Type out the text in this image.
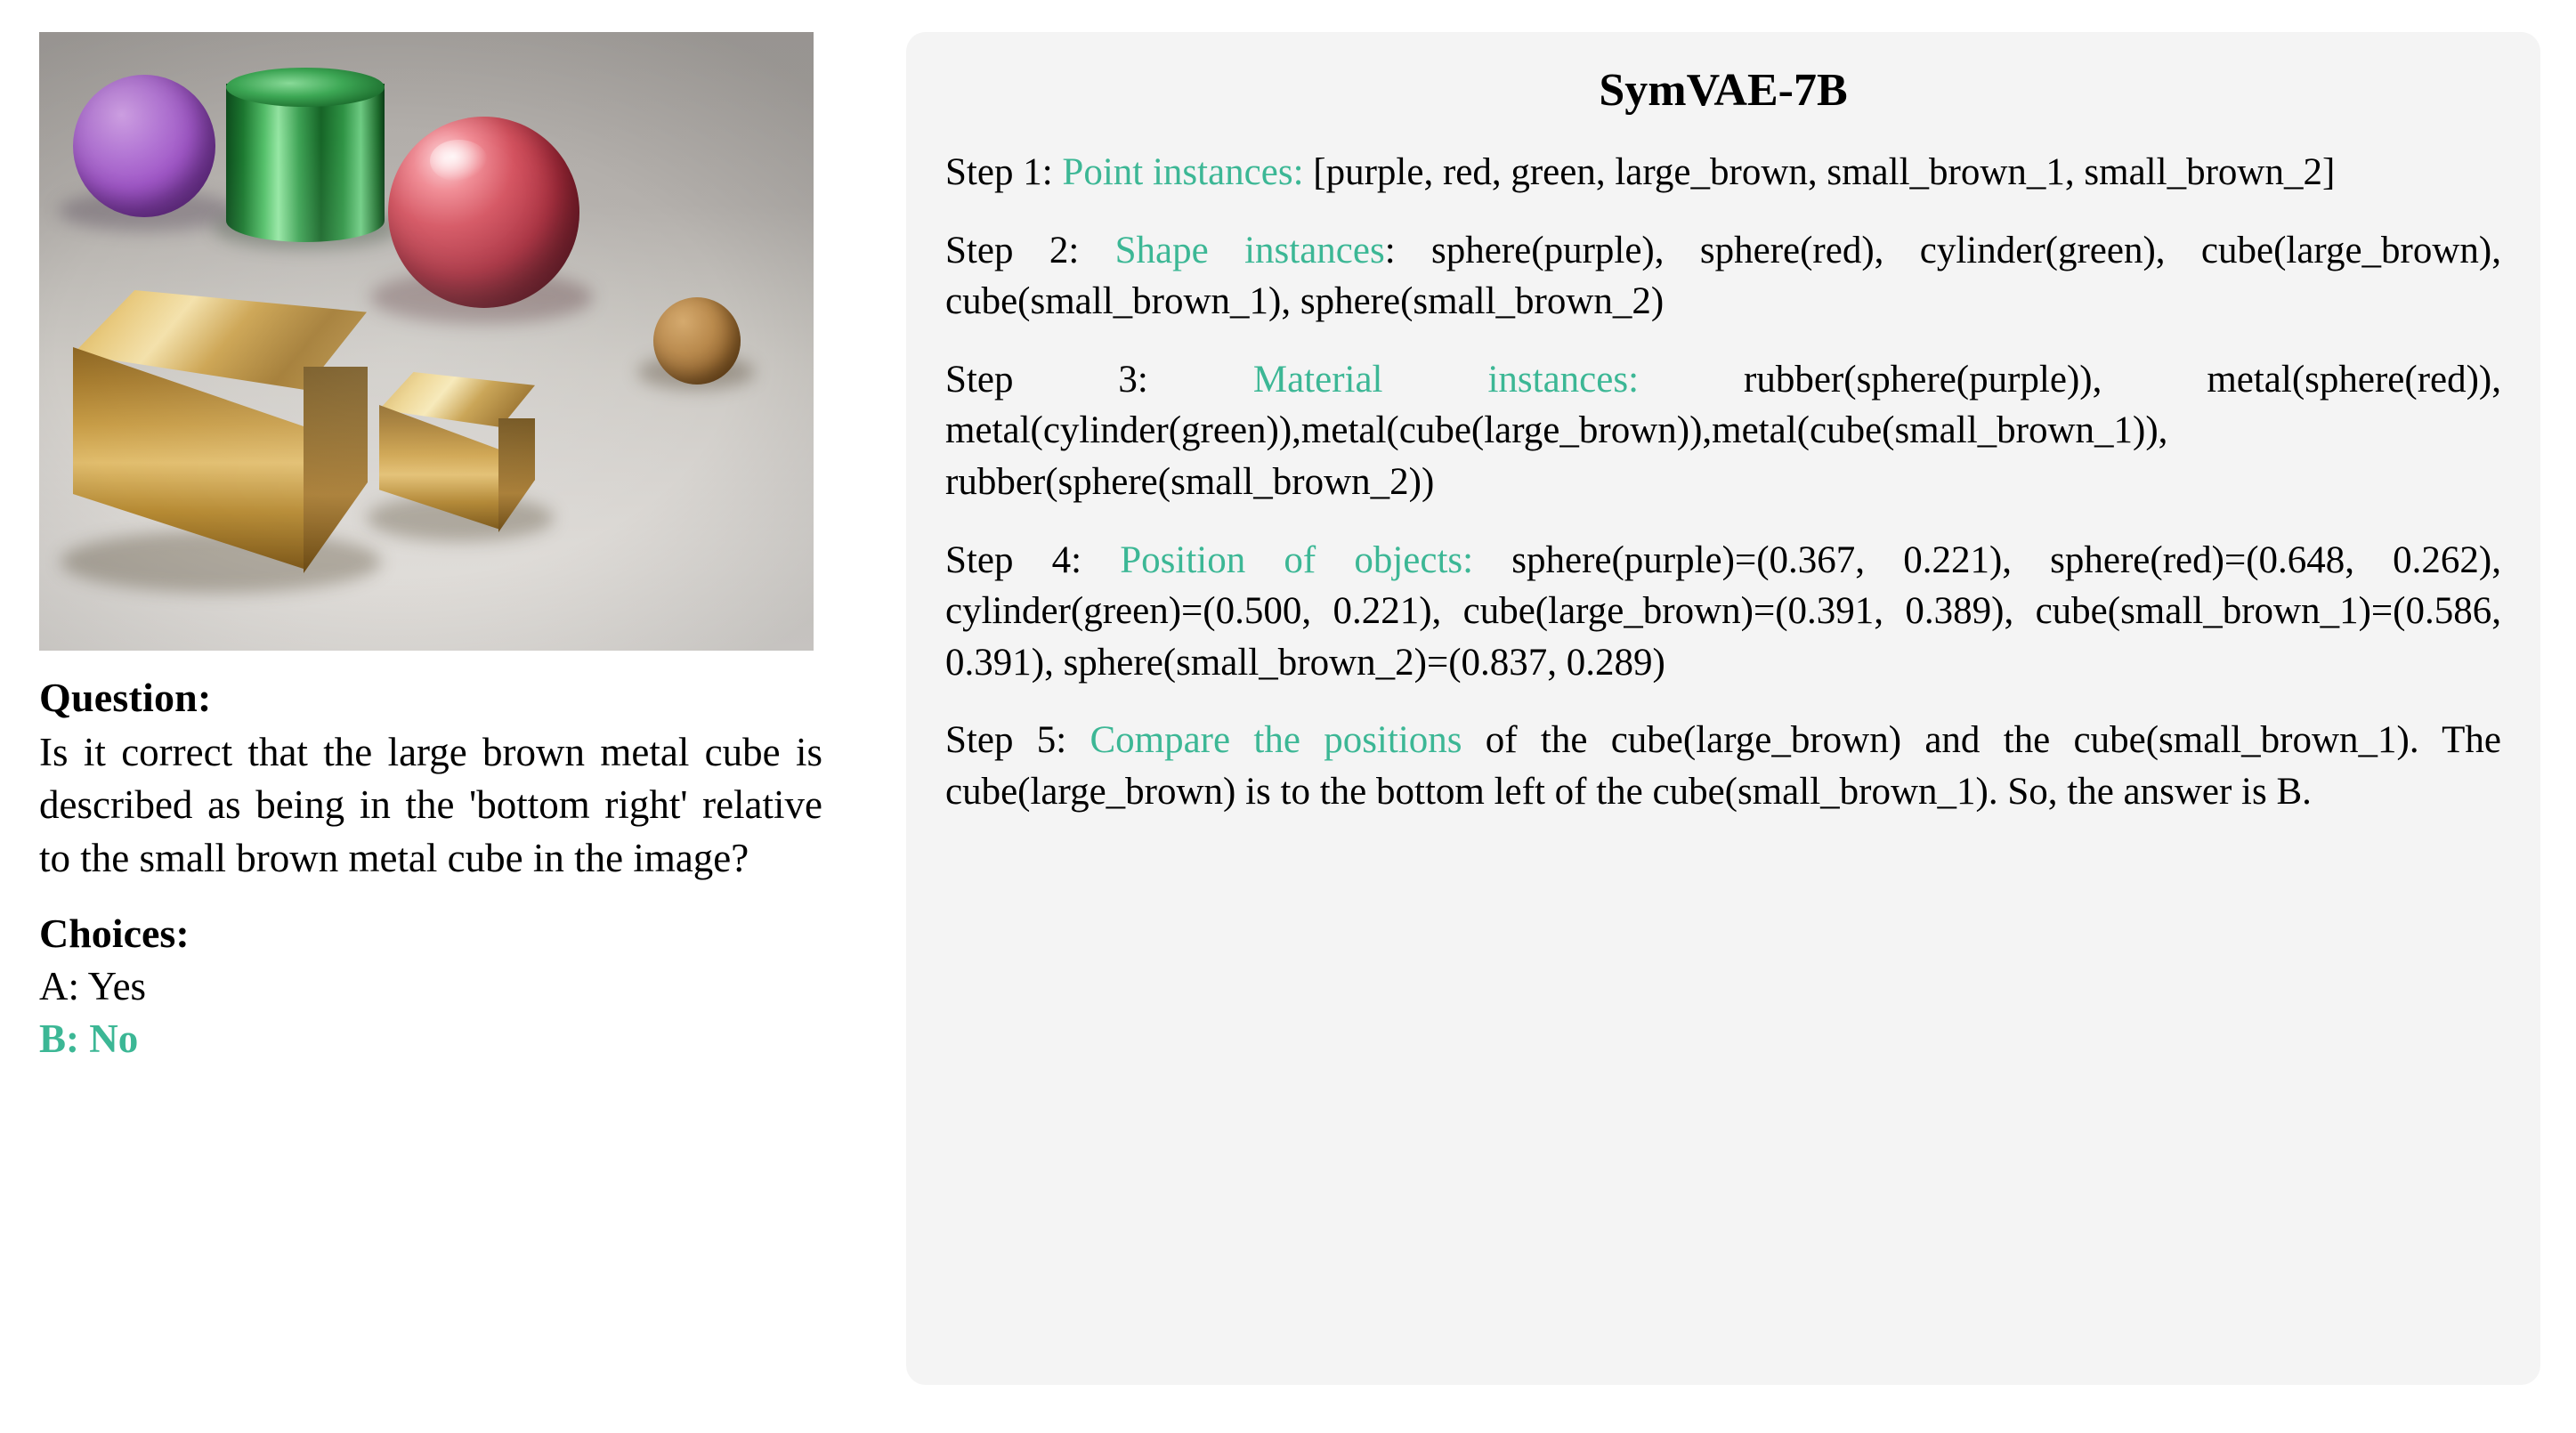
Question:

Is it correct that the large brown metal cube is described as being in the 'bottom right' relative to the small brown metal cube in the image?

Choices:

A: Yes

B: No

SymVAE-7B

Step 1: Point instances: [purple, red, green, large_brown, small_brown_1, small_brown_2]

Step 2: Shape instances: sphere(purple), sphere(red), cylinder(green), cube(large_brown), cube(small_brown_1), sphere(small_brown_2)

Step 3: Material instances: rubber(sphere(purple)), metal(sphere(red)), metal(cylinder(green)),metal(cube(large_brown)),metal(cube(small_brown_1)), rubber(sphere(small_brown_2))

Step 4: Position of objects: sphere(purple)=(0.367, 0.221), sphere(red)=(0.648, 0.262), cylinder(green)=(0.500, 0.221), cube(large_brown)=(0.391, 0.389), cube(small_brown_1)=(0.586, 0.391), sphere(small_brown_2)=(0.837, 0.289)

Step 5: Compare the positions of the cube(large_brown) and the cube(small_brown_1). The cube(large_brown) is to the bottom left of the cube(small_brown_1). So, the answer is B.
